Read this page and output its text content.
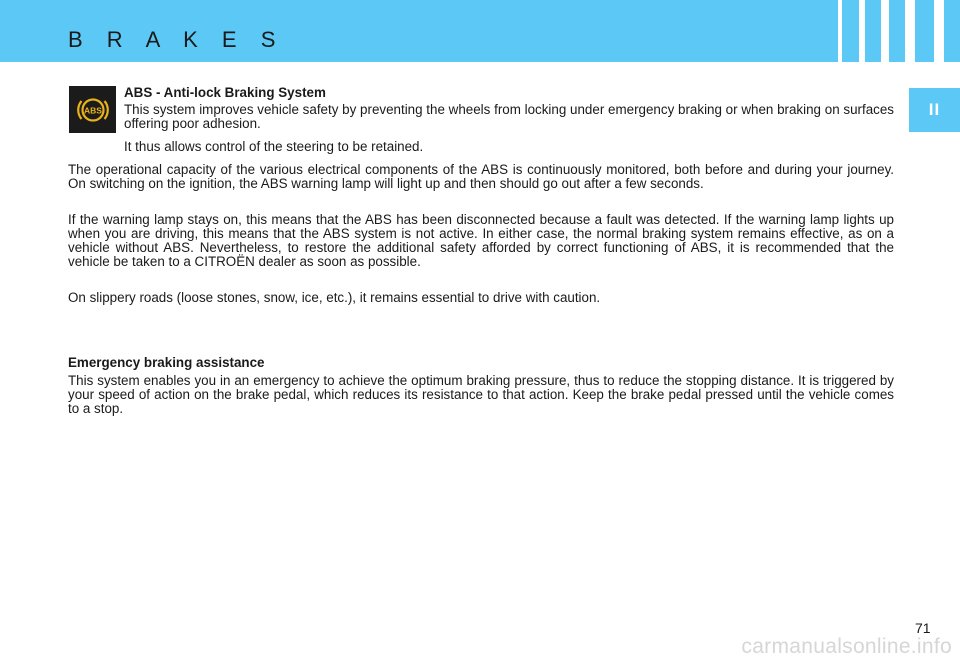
B R A K E S
II
ABS
ABS - Anti-lock Braking System

This system improves vehicle safety by preventing the wheels from locking under emergency braking or when braking on surfaces offering poor adhesion.

It thus allows control of the steering to be retained.

The operational capacity of the various electrical components of the ABS is continuously monitored, both before and during your journey. On switching on the ignition, the ABS warning lamp will light up and then should go out after a few seconds.

If the warning lamp stays on, this means that the ABS has been disconnected because a fault was detected. If the warning lamp lights up when you are driving, this means that the ABS system is not active. In either case, the normal braking system remains effective, as on a vehicle without ABS. Nevertheless, to restore the additional safety afforded by correct functioning of ABS, it is recommended that the vehicle be taken to a CITROËN dealer as soon as possible.

On slippery roads (loose stones, snow, ice, etc.), it remains essential to drive with caution.

Emergency braking assistance

This system enables you in an emergency to achieve the optimum braking pressure, thus to reduce the stopping distance. It is triggered by your speed of action on the brake pedal, which reduces its resistance to that action. Keep the brake pedal pressed until the vehicle comes to a stop.

71
carmanualsonline.info
